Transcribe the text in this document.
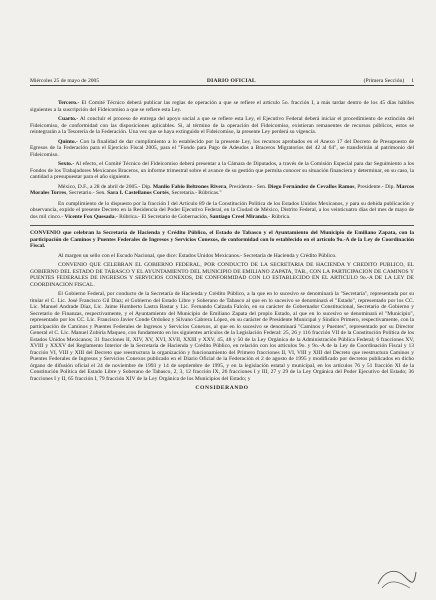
Miércoles 25 de mayo de 2005	DIARIO OFICIAL	(Primera Sección) 1

Tercero.- El Comité Técnico deberá publicar las reglas de operación a que se refiere el artículo 5o. fracción I, a más tardar dentro de los 45 días hábiles siguientes a la suscripción del Fideicomiso a que se refiere esta Ley.

Cuarto.- Al concluir el proceso de entrega del apoyo social a que se refiere esta Ley, el Ejecutivo Federal deberá iniciar el procedimiento de extinción del Fideicomiso, de conformidad con las disposiciones aplicables. Si, al término de la operación del Fideicomiso, existieran remanentes de recursos públicos, estos se reintegrarán a la Tesorería de la Federación. Una vez que se haya extinguido el Fideicomiso, la presente Ley perderá su vigencia.

Quinto.- Con la finalidad de dar cumplimiento a lo establecido por la presente Ley, los recursos aprobados en el Anexo 17 del Decreto de Presupuesto de Egresos de la Federación para el Ejercicio Fiscal 2005, para el "Fondo para Pago de Adeudos a Braceros Migratorios del 42 al 64", se transferirán al patrimonio del Fideicomiso.

Sexto.- Al efecto, el Comité Técnico del Fideicomiso deberá presentar a la Cámara de Diputados, a través de la Comisión Especial para dar Seguimiento a los Fondos de los Trabajadores Mexicanos Braceros, un informe trimestral sobre el avance de su gestión que permita conocer su situación financiera y determinar, en su caso, la cantidad a presupuestar para el año siguiente.

México, D.F., a 28 de abril de 2005.- Dip. Manlio Fabio Beltrones Rivera, Presidente.- Sen. Diego Fernández de Cevallos Ramos, Presidente.- Dip. Marcos Morales Torres, Secretario.- Sen. Sara I. Castellanos Cortés, Secretaria.- Rúbricas."

En cumplimiento de lo dispuesto por la fracción I del Artículo 89 de la Constitución Política de los Estados Unidos Mexicanos, y para su debida publicación y observancia, expido el presente Decreto en la Residencia del Poder Ejecutivo Federal, en la Ciudad de México, Distrito Federal, a los veinticuatro días del mes de mayo de dos mil cinco.- Vicente Fox Quesada.- Rúbrica.- El Secretario de Gobernación, Santiago Creel Miranda.- Rúbrica.

CONVENIO que celebran la Secretaría de Hacienda y Crédito Público, el Estado de Tabasco y el Ayuntamiento del Municipio de Emiliano Zapata, con la participación de Caminos y Puentes Federales de Ingresos y Servicios Conexos, de conformidad con lo establecido en el artículo 9o.-A de la Ley de Coordinación Fiscal.

Al margen un sello con el Escudo Nacional, que dice: Estados Unidos Mexicanos.- Secretaría de Hacienda y Crédito Público.

CONVENIO QUE CELEBRAN EL GOBIERNO FEDERAL, POR CONDUCTO DE LA SECRETARIA DE HACIENDA Y CREDITO PUBLICO, EL GOBIERNO DEL ESTADO DE TABASCO Y EL AYUNTAMIENTO DEL MUNICIPIO DE EMILIANO ZAPATA, TAB., CON LA PARTICIPACION DE CAMINOS Y PUENTES FEDERALES DE INGRESOS Y SERVICIOS CONEXOS, DE CONFORMIDAD CON LO ESTABLECIDO EN EL ARTICULO 9o.-A DE LA LEY DE COORDINACION FISCAL.

El Gobierno Federal, por conducto de la Secretaría de Hacienda y Crédito Público, a la que en lo sucesivo se denominará la "Secretaría", representada por su titular el C. Lic. José Francisco Gil Díaz; el Gobierno del Estado Libre y Soberano de Tabasco al que en lo sucesivo se denominará el "Estado", representado por los CC. Lic. Manuel Andrade Díaz, Lic. Jaime Humberto Lastra Bastar y Lic. Fernando Calzada Falcón, en su carácter de Gobernador Constitucional, Secretario de Gobierno y Secretario de Finanzas, respectivamente, y el Ayuntamiento del Municipio de Emiliano Zapata del propio Estado, al que en lo sucesivo se denominará el "Municipio", representado por los CC. Lic. Francisco Javier Conde Ordoñez y Silvano Cabrera López, en su carácter de Presidente Municipal y Síndico Primero, respectivamente, con la participación de Caminos y Puentes Federales de Ingresos y Servicios Conexos, al que en lo sucesivo se denominará "Caminos y Puentes", representado por su Director General el C. Lic. Manuel Zubiría Maqueo, con fundamento en los siguientes artículos de la Legislación Federal: 25, 26 y 116 fracción VII de la Constitución Política de los Estados Unidos Mexicanos; 31 fracciones II, XIV, XV, XVI, XVII, XXIII y XXV, 45, 48 y 50 de la Ley Orgánica de la Administración Pública Federal; 6 fracciones XV, XVIII y XXXV del Reglamento Interior de la Secretaría de Hacienda y Crédito Público, en relación con los artículos 9o. y 9o.-A de la Ley de Coordinación Fiscal y 13 fracción VI, VIII y XIII del Decreto que reestructura la organización y funcionamiento del Primero fracciones II, VI, VIII y XIII del Decreto que reestructura Caminos y Puentes Federales de Ingresos y Servicios Conexos publicado en el Diario Oficial de la Federación el 2 de agosto de 1995 y modificado por decretos publicados en dicho órgano de difusión oficial el 24 de noviembre de 1993 y 14 de septiembre de 1995, y en la legislación estatal y municipal, en los artículos 76 y 51 fracción XI de la Constitución Política del Estado Libre y Soberano de Tabasco, 2, 3, 12 fracción IX, 26 fracciones I y III, 27 y 29 de la Ley Orgánica del Poder Ejecutivo del Estado; 36 fracciones I y II, 65 fracción I, 79 fracción XIV de la Ley Orgánica de los Municipios del Estado; y

CONSIDERANDO
